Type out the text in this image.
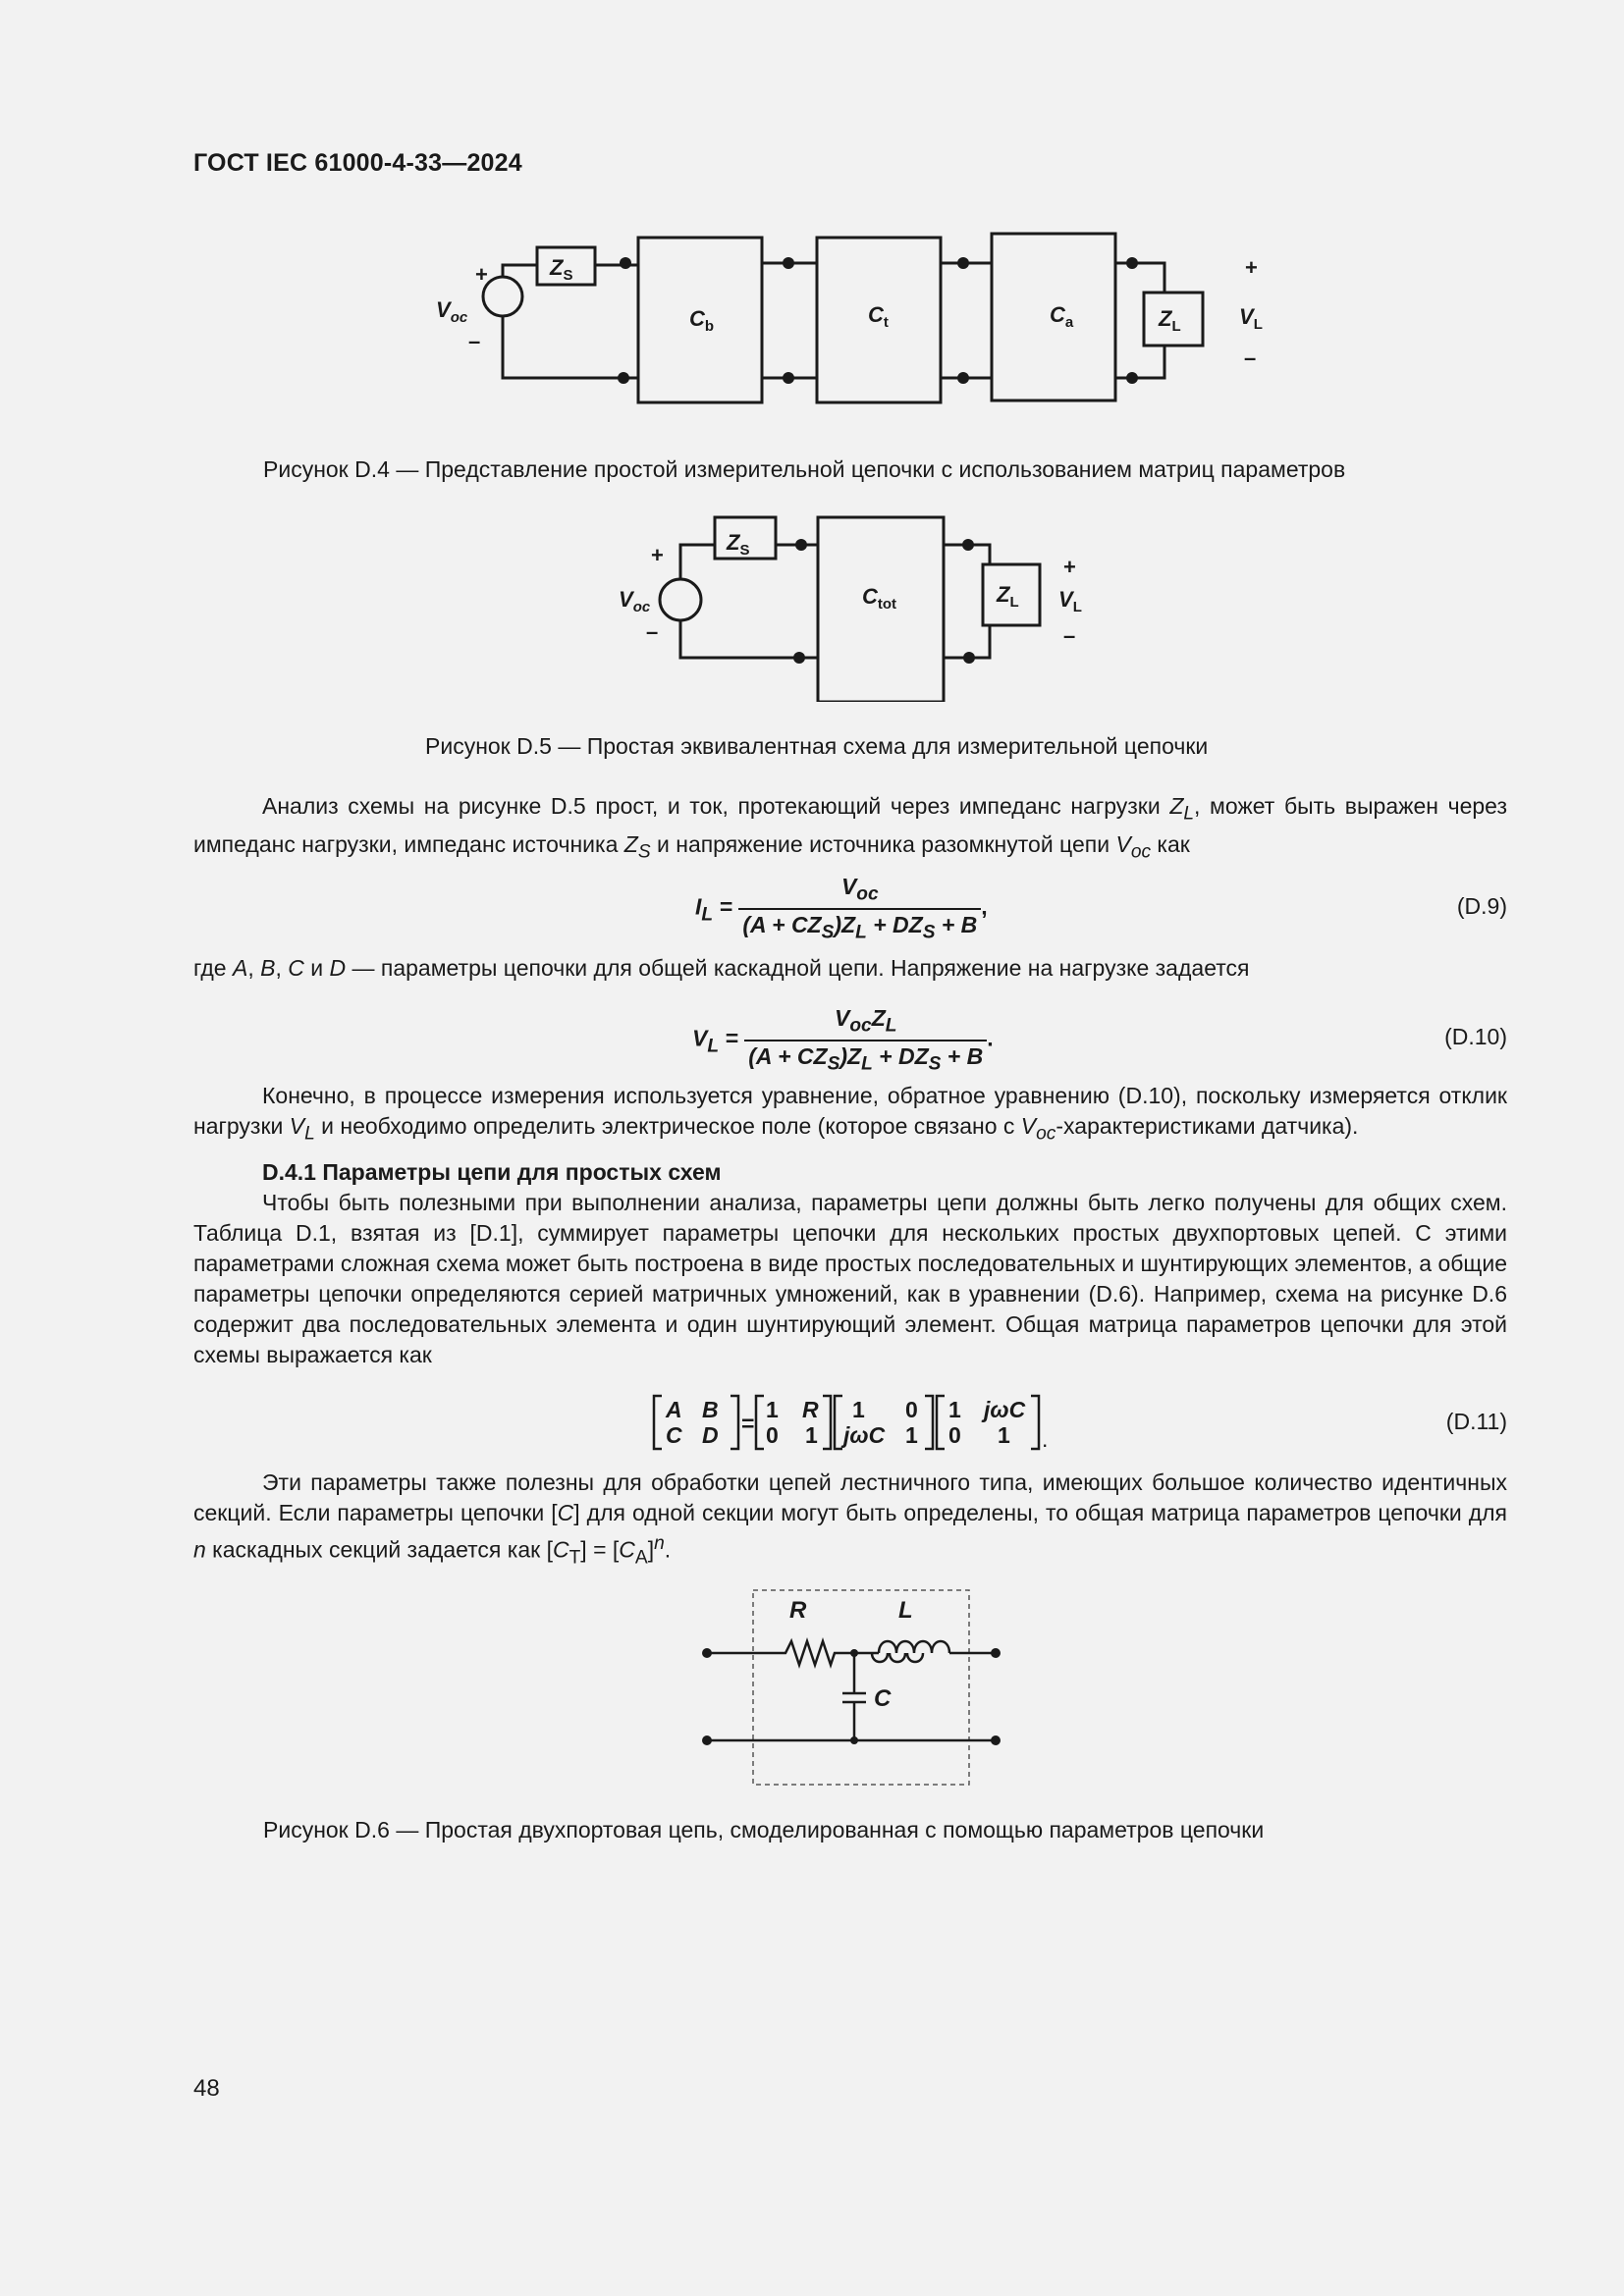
ГОСТ IEC 61000-4-33—2024
+
–
$V_{oc}$
$Z_S$
$C_b$	$C_t$	$C_a$	$Z_L$
+
$V_L$
–
Рисунок D.4 — Представление простой измерительной цепочки с использованием матриц параметров
+
–
$V_{oc}$
$Z_S$
$C_{tot}$	$Z_L$
+
$V_L$
–
Рисунок D.5 — Простая эквивалентная схема для измерительной цепочки

Анализ схемы на рисунке D.5 прост, и ток, протекающий через импеданс нагрузки $Z_L$, может быть выражен через импеданс нагрузки, импеданс источника $Z_S$ и напряжение источника разомкнутой цепи $V_{oc}$ как

$I_L = \frac{V_{oc}}{(A + CZ_S)Z_L + DZ_S + B}$ ,	(D.9)

где A, B, C и D — параметры цепочки для общей каскадной цепи. Напряжение на нагрузке задается

$V_L = \frac{V_{oc}Z_L}{(A + CZ_S)Z_L + DZ_S + B}$ .	(D.10)

Конечно, в процессе измерения используется уравнение, обратное уравнению (D.10), поскольку измеряется отклик нагрузки $V_L$ и необходимо определить электрическое поле (которое связано с $V_{oc}$-характеристиками датчика).

D.4.1 Параметры цепи для простых схем

Чтобы быть полезными при выполнении анализа, параметры цепи должны быть легко получены для общих схем. Таблица D.1, взятая из [D.1], суммирует параметры цепочки для нескольких простых двухпортовых цепей. С этими параметрами сложная схема может быть построена в виде простых последовательных и шунтирующих элементов, а общие параметры цепочки определяются серией матричных умножений, как в уравнении (D.6). Например, схема на рисунке D.6 содержит два последовательных элемента и один шунтирующий элемент. Общая матрица параметров цепочки для этой схемы выражается как

A B
C D =
1 R
0 1
1 0
jωC 1
1 jωC
0 1 .
(D.11)

Эти параметры также полезны для обработки цепей лестничного типа, имеющих большое количество идентичных секций. Если параметры цепочки [C] для одной секции могут быть определены, то общая матрица параметров цепочки для n каскадных секций задается как $[C_T] = [C_A]^n$.

R	L
C
Рисунок D.6 — Простая двухпортовая цепь, смоделированная с помощью параметров цепочки
48
